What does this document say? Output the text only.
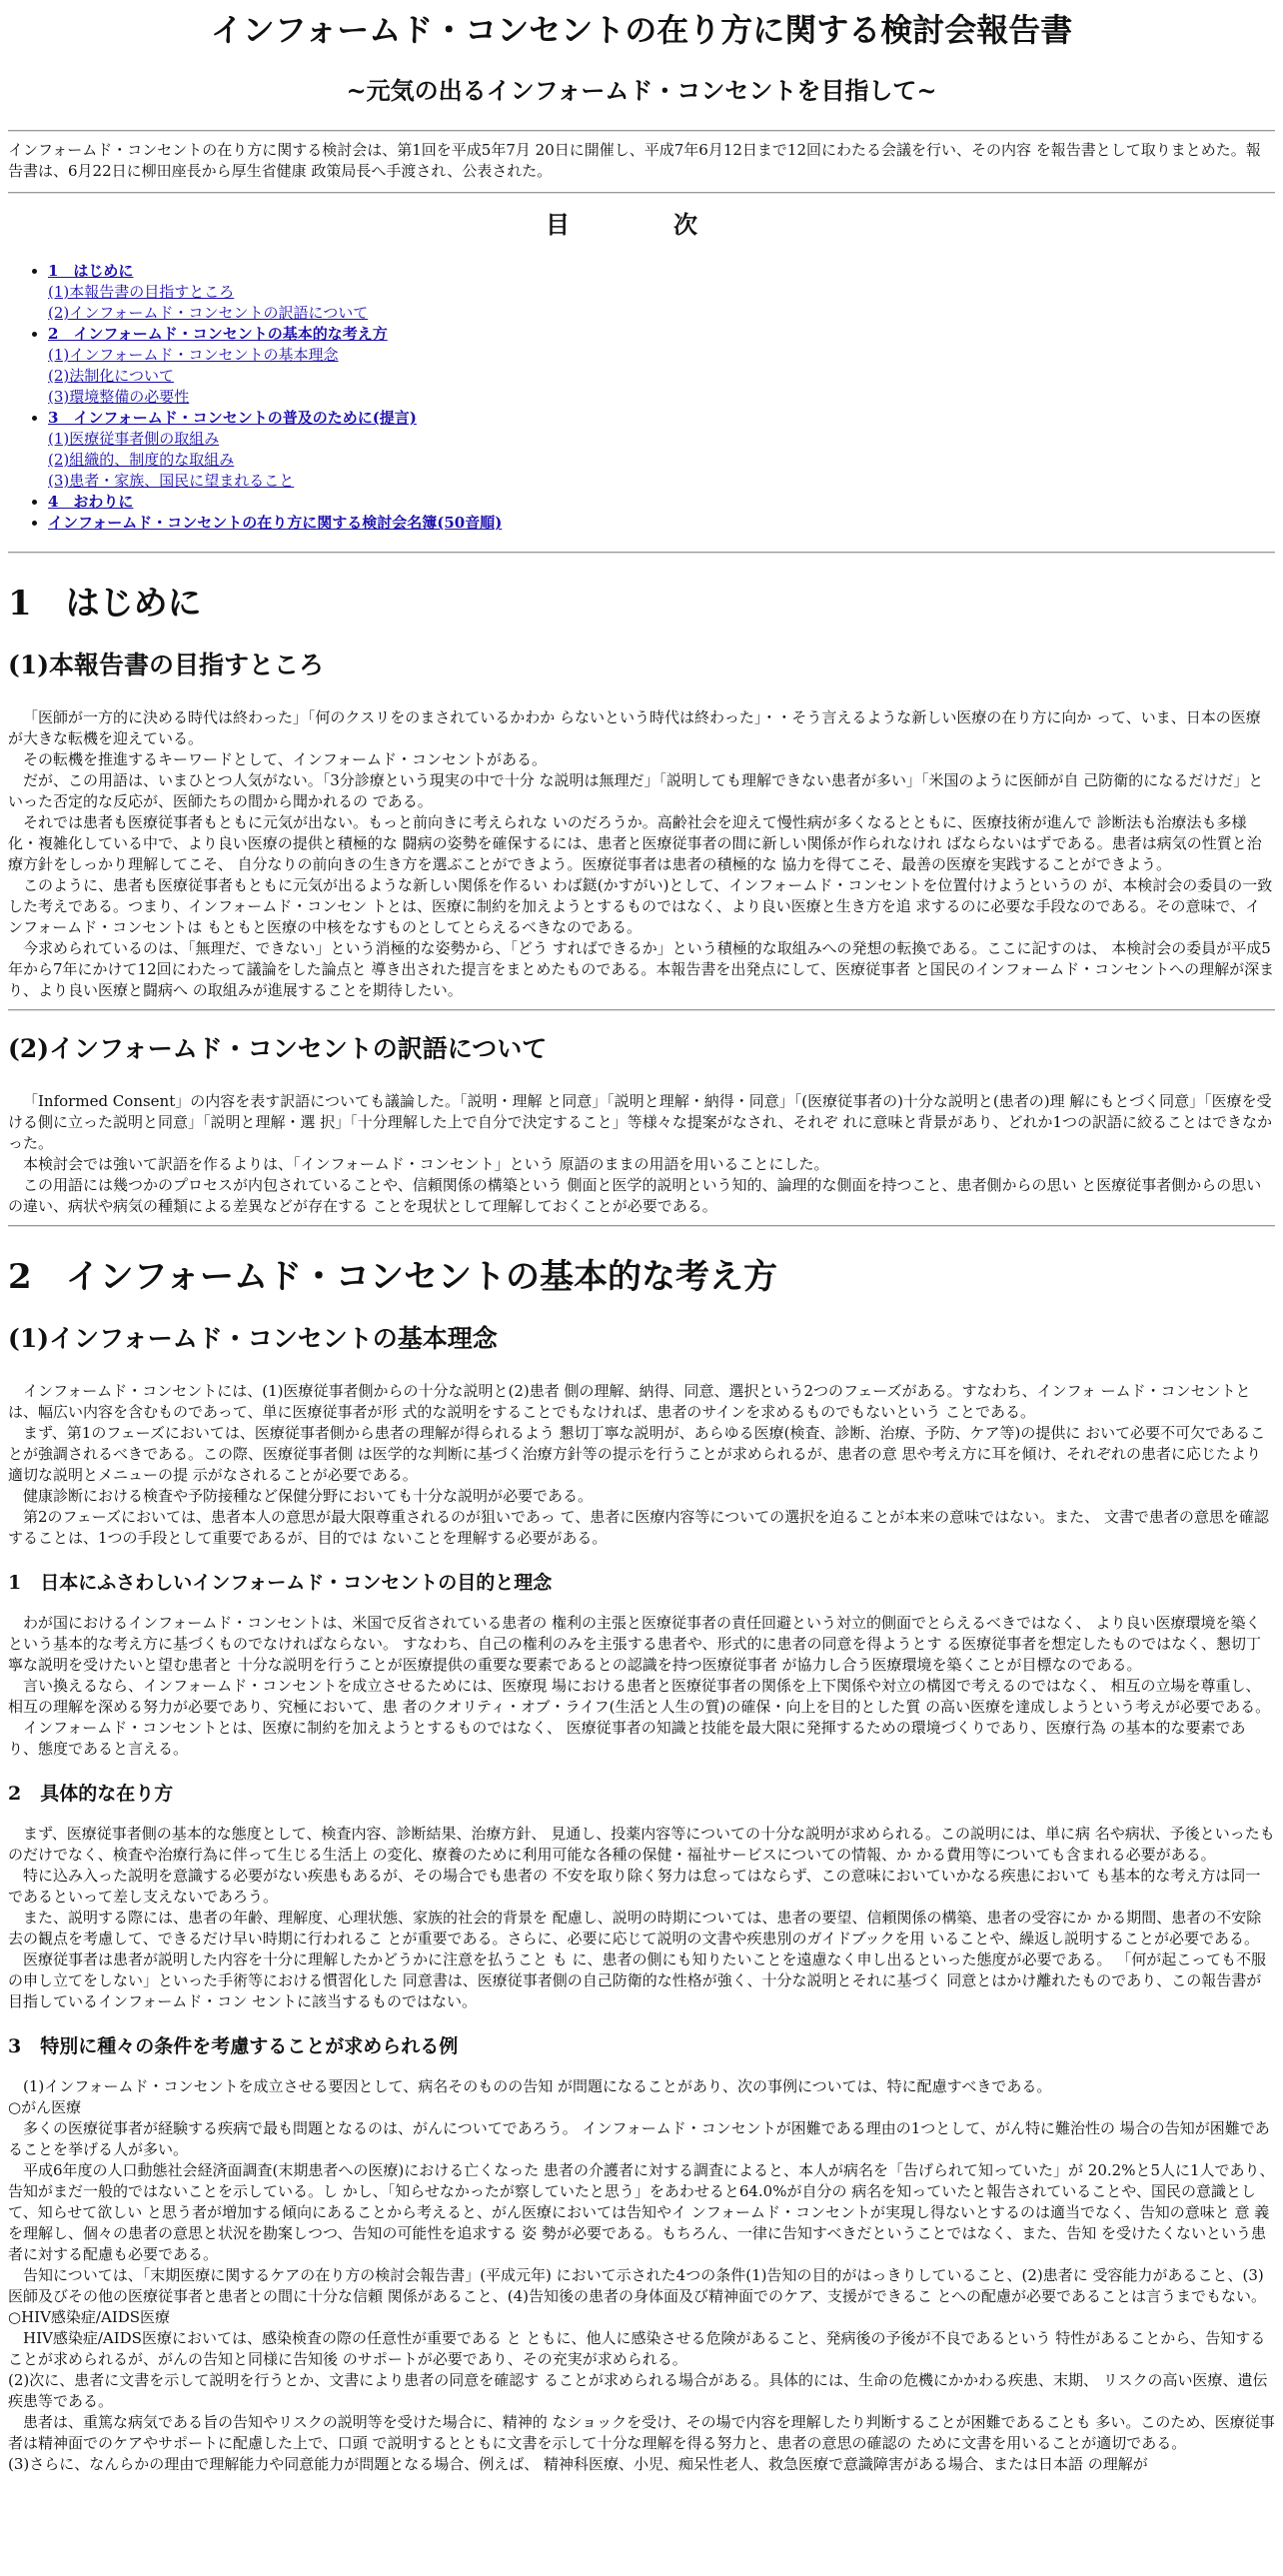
インフォームド・コンセントの在り方に関する検討会報告書
~元気の出るインフォームド・コンセントを目指して~

インフォームド・コンセントの在り方に関する検討会は、第1回を平成5年7月 20日に開催し、平成7年6月12日まで12回にわたる会議を行い、その内容 を報告書として取りまとめた。報告書は、6月22日に柳田座長から厚生省健康 政策局長へ手渡され、公表された。

目　次
• 1　はじめに
(1)本報告書の目指すところ
(2)インフォームド・コンセントの訳語について
• 2　インフォームド・コンセントの基本的な考え方
(1)インフォームド・コンセントの基本理念
(2)法制化について
(3)環境整備の必要性
• 3　インフォームド・コンセントの普及のために(提言)
(1)医療従事者側の取組み
(2)組織的、制度的な取組み
(3)患者・家族、国民に望まれること
• 4　おわりに
• インフォームド・コンセントの在り方に関する検討会名簿(50音順)
1　はじめに
(1)本報告書の目指すところ

「医師が一方的に決める時代は終わった」「何のクスリをのまされているかわか らないという時代は終わった」・・そう言えるような新しい医療の在り方に向か って、いま、日本の医療が大きな転機を迎えている。

その転機を推進するキーワードとして、インフォームド・コンセントがある。

だが、この用語は、いまひとつ人気がない。「3分診療という現実の中で十分 な説明は無理だ」「説明しても理解できない患者が多い」「米国のように医師が自 己防衛的になるだけだ」といった否定的な反応が、医師たちの間から聞かれるの である。

それでは患者も医療従事者もともに元気が出ない。もっと前向きに考えられな いのだろうか。高齢社会を迎えて慢性病が多くなるとともに、医療技術が進んで 診断法も治療法も多様化・複雑化している中で、より良い医療の提供と積極的な 闘病の姿勢を確保するには、患者と医療従事者の間に新しい関係が作られなけれ ばならないはずである。患者は病気の性質と治療方針をしっかり理解してこそ、 自分なりの前向きの生き方を選ぶことができよう。医療従事者は患者の積極的な 協力を得てこそ、最善の医療を実践することができよう。

このように、患者も医療従事者もともに元気が出るような新しい関係を作るい わば鎹(かすがい)として、インフォームド・コンセントを位置付けようというの が、本検討会の委員の一致した考えである。つまり、インフォームド・コンセン トとは、医療に制約を加えようとするものではなく、より良い医療と生き方を追 求するのに必要な手段なのである。その意味で、インフォームド・コンセントは もともと医療の中核をなすものとしてとらえるべきなのである。

今求められているのは、「無理だ、できない」という消極的な姿勢から、「どう すればできるか」という積極的な取組みへの発想の転換である。ここに記すのは、 本検討会の委員が平成5年から7年にかけて12回にわたって議論をした論点と 導き出された提言をまとめたものである。本報告書を出発点にして、医療従事者 と国民のインフォームド・コンセントへの理解が深まり、より良い医療と闘病へ の取組みが進展することを期待したい。

(2)インフォームド・コンセントの訳語について

「Informed Consent」の内容を表す訳語についても議論した。「説明・理解 と同意」「説明と理解・納得・同意」「(医療従事者の)十分な説明と(患者の)理 解にもとづく同意」「医療を受ける側に立った説明と同意」「説明と理解・選 択」「十分理解した上で自分で決定すること」等様々な提案がなされ、それぞ れに意味と背景があり、どれか1つの訳語に絞ることはできなかった。

本検討会では強いて訳語を作るよりは、「インフォームド・コンセント」という 原語のままの用語を用いることにした。

この用語には幾つかのプロセスが内包されていることや、信頼関係の構築という 側面と医学的説明という知的、論理的な側面を持つこと、患者側からの思い と医療従事者側からの思いの違い、病状や病気の種類による差異などが存在する ことを現状として理解しておくことが必要である。

2　インフォームド・コンセントの基本的な考え方
(1)インフォームド・コンセントの基本理念

インフォームド・コンセントには、(1)医療従事者側からの十分な説明と(2)患者 側の理解、納得、同意、選択という2つのフェーズがある。すなわち、インフォ ームド・コンセントとは、幅広い内容を含むものであって、単に医療従事者が形 式的な説明をすることでもなければ、患者のサインを求めるものでもないという ことである。

まず、第1のフェーズにおいては、医療従事者側から患者の理解が得られるよう 懇切丁寧な説明が、あらゆる医療(検査、診断、治療、予防、ケア等)の提供に おいて必要不可欠であることが強調されるべきである。この際、医療従事者側 は医学的な判断に基づく治療方針等の提示を行うことが求められるが、患者の意 思や考え方に耳を傾け、それぞれの患者に応じたより適切な説明とメニューの提 示がなされることが必要である。

健康診断における検査や予防接種など保健分野においても十分な説明が必要である。

第2のフェーズにおいては、患者本人の意思が最大限尊重されるのが狙いであっ て、患者に医療内容等についての選択を迫ることが本来の意味ではない。また、 文書で患者の意思を確認することは、1つの手段として重要であるが、目的では ないことを理解する必要がある。

1　日本にふさわしいインフォームド・コンセントの目的と理念

わが国におけるインフォームド・コンセントは、米国で反省されている患者の 権利の主張と医療従事者の責任回避という対立的側面でとらえるべきではなく、 より良い医療環境を築くという基本的な考え方に基づくものでなければならない。 すなわち、自己の権利のみを主張する患者や、形式的に患者の同意を得ようとす る医療従事者を想定したものではなく、懇切丁寧な説明を受けたいと望む患者と 十分な説明を行うことが医療提供の重要な要素であるとの認識を持つ医療従事者 が協力し合う医療環境を築くことが目標なのである。

言い換えるなら、インフォームド・コンセントを成立させるためには、医療現 場における患者と医療従事者の関係を上下関係や対立の構図で考えるのではなく、 相互の立場を尊重し、相互の理解を深める努力が必要であり、究極において、患 者のクオリティ・オブ・ライフ(生活と人生の質)の確保・向上を目的とした質 の高い医療を達成しようという考えが必要である。

インフォームド・コンセントとは、医療に制約を加えようとするものではなく、 医療従事者の知識と技能を最大限に発揮するための環境づくりであり、医療行為 の基本的な要素であり、態度であると言える。

2　具体的な在り方

まず、医療従事者側の基本的な態度として、検査内容、診断結果、治療方針、 見通し、投薬内容等についての十分な説明が求められる。この説明には、単に病 名や病状、予後といったものだけでなく、検査や治療行為に伴って生じる生活上 の変化、療養のために利用可能な各種の保健・福祉サービスについての情報、か かる費用等についても含まれる必要がある。

特に込み入った説明を意識する必要がない疾患もあるが、その場合でも患者の 不安を取り除く努力は怠ってはならず、この意味においていかなる疾患において も基本的な考え方は同一であるといって差し支えないであろう。

また、説明する際には、患者の年齢、理解度、心理状態、家族的社会的背景を 配慮し、説明の時期については、患者の要望、信頼関係の構築、患者の受容にか かる期間、患者の不安除去の観点を考慮して、できるだけ早い時期に行われるこ とが重要である。さらに、必要に応じて説明の文書や疾患別のガイドブックを用 いることや、繰返し説明することが必要である。

医療従事者は患者が説明した内容を十分に理解したかどうかに注意を払うこと も に、患者の側にも知りたいことを遠慮なく申し出るといった態度が必要である。 「何が起こっても不服の申し立てをしない」といった手術等における慣習化した 同意書は、医療従事者側の自己防衛的な性格が強く、十分な説明とそれに基づく 同意とはかけ離れたものであり、この報告書が目指しているインフォームド・コン セントに該当するものではない。

3　特別に種々の条件を考慮することが求められる例

(1)インフォームド・コンセントを成立させる要因として、病名そのものの告知 が問題になることがあり、次の事例については、特に配慮すべきである。

○がん医療

多くの医療従事者が経験する疾病で最も問題となるのは、がんについてであろう。 インフォームド・コンセントが困難である理由の1つとして、がん特に難治性の 場合の告知が困難であることを挙げる人が多い。

平成6年度の人口動態社会経済面調査(末期患者への医療)における亡くなった 患者の介護者に対する調査によると、本人が病名を「告げられて知っていた」が 20.2%と5人に1人であり、告知がまだ一般的ではないことを示している。し かし、「知らせなかったが察していたと思う」をあわせると64.0%が自分の 病名を知っていたと報告されていることや、国民の意識として、知らせて欲しい と思う者が増加する傾向にあることから考えると、がん医療においては告知やイ ンフォームド・コンセントが実現し得ないとするのは適当でなく、告知の意味と 意 義を理解し、個々の患者の意思と状況を勘案しつつ、告知の可能性を追求する 姿 勢が必要である。もちろん、一律に告知すべきだということではなく、また、告知 を受けたくないという患者に対する配慮も必要である。

告知については、「末期医療に関するケアの在り方の検討会報告書」(平成元年) において示された4つの条件(1)告知の目的がはっきりしていること、(2)患者に 受容能力があること、(3)医師及びその他の医療従事者と患者との間に十分な信頼 関係があること、(4)告知後の患者の身体面及び精神面でのケア、支援ができるこ とへの配慮が必要であることは言うまでもない。

○HIV感染症/AIDS医療

HIV感染症/AIDS医療においては、感染検査の際の任意性が重要である と ともに、他人に感染させる危険があること、発病後の予後が不良であるという 特性があることから、告知することが求められるが、がんの告知と同様に告知後 のサポートが必要であり、その充実が求められる。

(2)次に、患者に文書を示して説明を行うとか、文書により患者の同意を確認す ることが求められる場合がある。具体的には、生命の危機にかかわる疾患、末期、 リスクの高い医療、遺伝疾患等である。

患者は、重篤な病気である旨の告知やリスクの説明等を受けた場合に、精神的 なショックを受け、その場で内容を理解したり判断することが困難であることも 多い。このため、医療従事者は精神面でのケアやサポートに配慮した上で、口頭 で説明するとともに文書を示して十分な理解を得る努力と、患者の意思の確認の ために文書を用いることが適切である。

(3)さらに、なんらかの理由で理解能力や同意能力が問題となる場合、例えば、 精神科医療、小児、痴呆性老人、救急医療で意識障害がある場合、または日本語 の理解が
